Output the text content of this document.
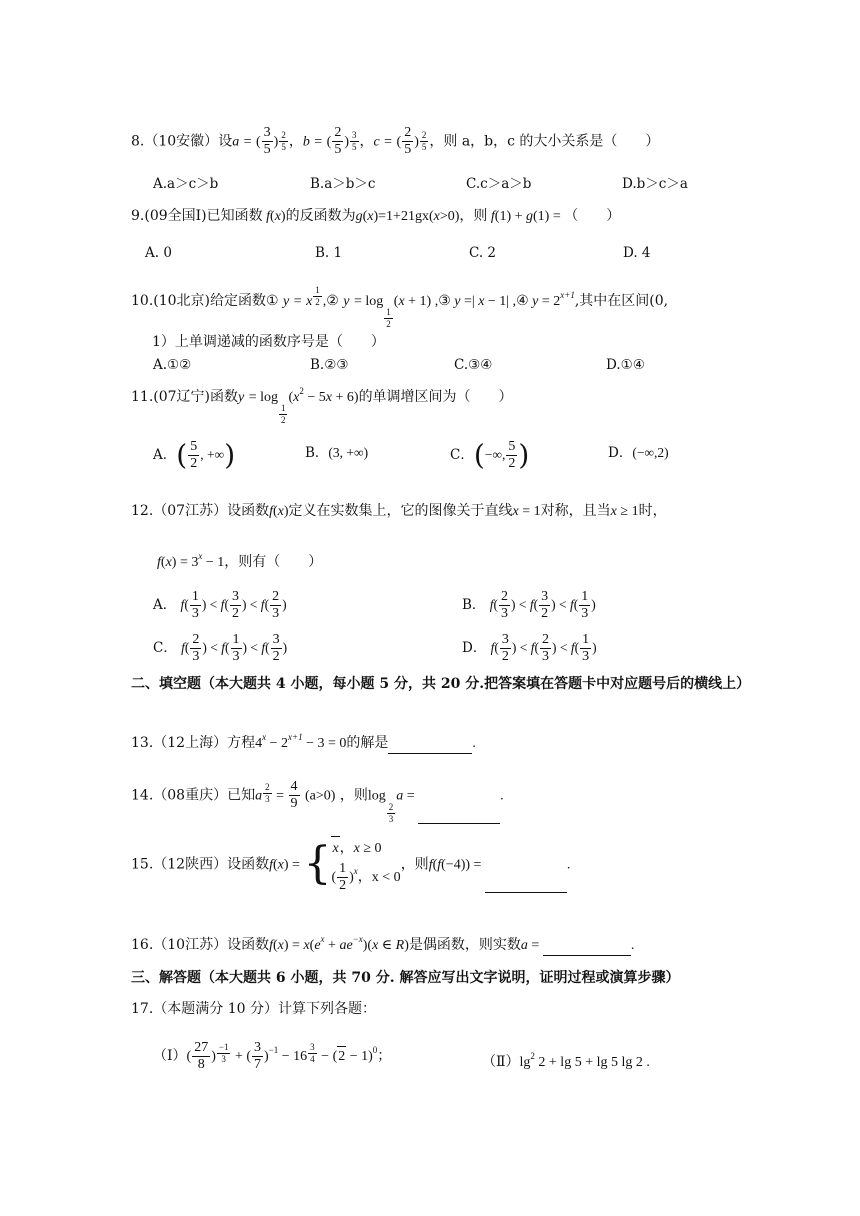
8.（10安徽）设a = ( $\frac{3}{5}$ ) $\frac{2}{5}$ ，b = ( $\frac{2}{5}$ ) $\frac{3}{5}$ ，c = ( $\frac{2}{5}$ ) $\frac{2}{5}$ ，则 a，b，c 的大小关系是（　　）
A.a＞c＞b	B.a＞b＞c	C.c＞a＞b	D.b＞c＞a
9.(09全国Ⅰ)已知函数 f(x)的反函数为g(x)=1+21gx(x>0)，则 f(1) + g(1) = （　　）
A. 0	B. 1	C. 2	D. 4
10.(10北京)给定函数① y = x $\frac{1}{2}$ ,② y = log
$\frac{1}{2}$
(x + 1) ,③ y =| x − 1| ,④ $y = 2^{x+1}$,其中在区间(0,
1）上单调递减的函数序号是（　　）
A.①②	B.②③	C.③④	D.①④
11.(07辽宁)函数y = log
$\frac{1}{2}$
$(x^2 - 5x + 6)$的单调增区间为（　　）
A．( $\frac{5}{2}$ , +∞)	B．(3, +∞)	C．(−∞, $\frac{5}{2}$ )	D．(−∞,2)
12.（07江苏）设函数f(x)定义在实数集上，它的图像关于直线x = 1对称，且当x ≥ 1时，
$f(x) = 3^x - 1$，则有（　　）
A． $f( \frac{1}{3}$ ) < $f( \frac{3}{2}$ ) < $f( \frac{2}{3}$ )	B． $f( \frac{2}{3}$ ) < $f( \frac{3}{2}$ ) < $f( \frac{1}{3}$ )
C． $f( \frac{2}{3}$ ) < $f( \frac{1}{3}$ ) < $f( \frac{3}{2}$ )	D． $f( \frac{3}{2}$ ) < $f( \frac{2}{3}$ ) < $f( \frac{1}{3}$ )
二、填空题（本大题共 4 小题，每小题 5 分，共 20 分.把答案填在答题卡中对应题号后的横线上）
13.（12上海）方程$4^x - 2^{x+1} - 3 = 0$的解是	.
14.（08重庆）已知a $\frac{2}{3} = \frac{4}{9} (a>0)$ ，则log
$\frac{2}{3}$
a =	.
15.（12陕西）设函数f(x) = { x，x ≥ 0
( $\frac{1}{2} )^x$，x < 0
，则f(f(−4)) =	.
16.（10江苏）设函数$f(x) = x(e^x + ae^{-x})(x$ ∈ R)是偶函数，则实数a =	.
三、解答题（本大题共 6 小题，共 70 分. 解答应写出文字说明，证明过程或演算步骤）
17.（本题满分 10 分）计算下列各题：
（Ⅰ）( $\frac{27}{8}$ ) $\frac{-1}{3}$ + ( $\frac{3}{7} )^{-1} - 16 \frac{3}{4} - (2 - 1)^0$；	$(Ⅱ)\lg^2$ 2 + lg 5 + lg 5 lg 2 .
